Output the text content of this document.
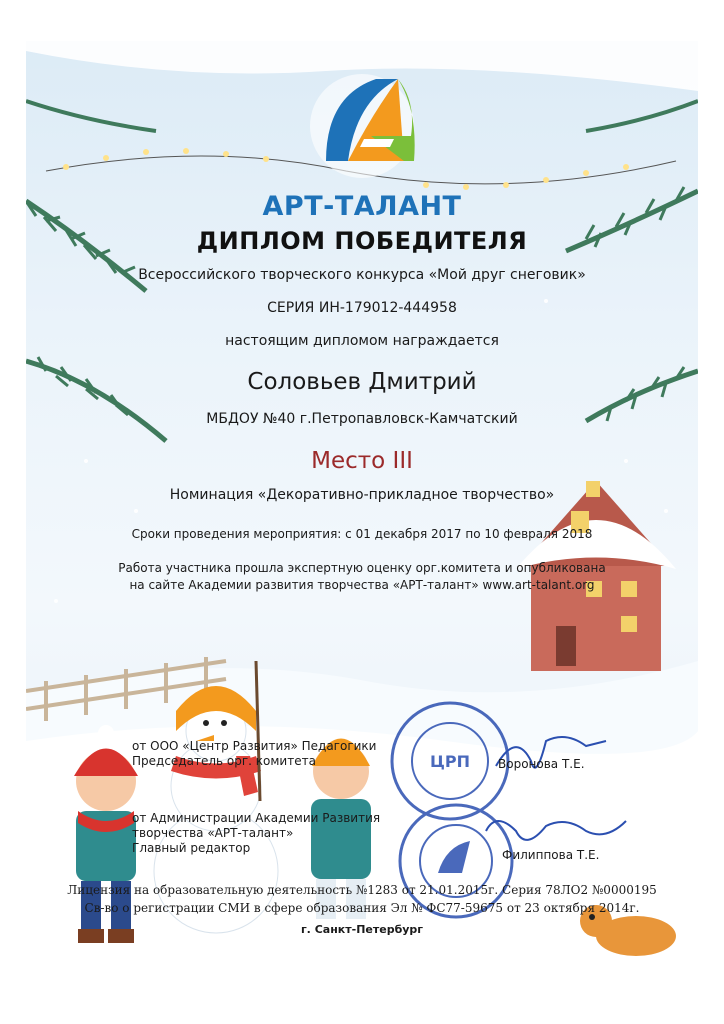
ЦРП
АРТ-ТАЛАНТ
ДИПЛОМ ПОБЕДИТЕЛЯ
Всероссийского творческого конкурса «Мой друг снеговик»
СЕРИЯ ИН-179012-444958
настоящим дипломом награждается
Соловьев Дмитрий
МБДОУ №40 г.Петропавловск-Камчатский
Место III
Номинация «Декоративно-прикладное творчество»
Сроки проведения мероприятия: с 01 декабря 2017 по 10 февраля 2018
Работа участника прошла экспертную оценку орг.комитета и опубликована
на сайте Академии развития творчества «АРТ-талант» www.art-talant.org
от ООО «Центр Развития» Педагогики
Председатель орг. комитета	Воронова Т.Е.
от Администрации Академии Развития
творчества «АРТ-талант»
Главный редактор	Филиппова Т.Е.
Лицензия на образовательную деятельность №1283 от 21.01.2015г. Серия 78ЛО2 №0000195
Св-во о регистрации СМИ в сфере образования Эл № ФС77-59675 от 23 октября 2014г.
г. Санкт-Петербург
